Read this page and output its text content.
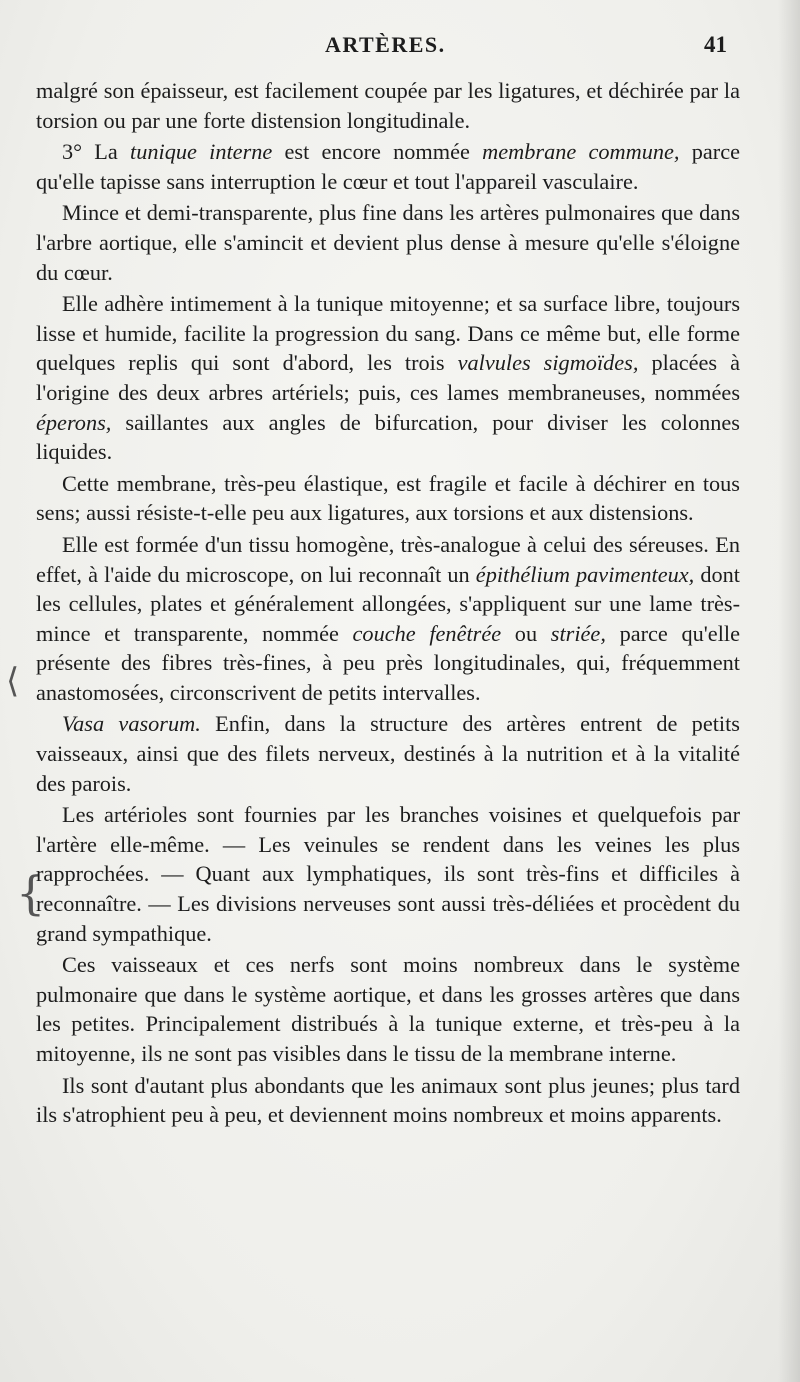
ARTÈRES.	41
⟨
{

malgré son épaisseur, est facilement coupée par les ligatures, et déchirée par la torsion ou par une forte distension longitudinale.

3° La tunique interne est encore nommée membrane commune, parce qu'elle tapisse sans interruption le cœur et tout l'appareil vasculaire.

Mince et demi-transparente, plus fine dans les artères pulmonaires que dans l'arbre aortique, elle s'amincit et devient plus dense à mesure qu'elle s'éloigne du cœur.

Elle adhère intimement à la tunique mitoyenne; et sa surface libre, toujours lisse et humide, facilite la progression du sang. Dans ce même but, elle forme quelques replis qui sont d'abord, les trois valvules sigmoïdes, placées à l'origine des deux arbres artériels; puis, ces lames membraneuses, nommées éperons, saillantes aux angles de bifurcation, pour diviser les colonnes liquides.

Cette membrane, très-peu élastique, est fragile et facile à déchirer en tous sens; aussi résiste-t-elle peu aux ligatures, aux torsions et aux distensions.

Elle est formée d'un tissu homogène, très-analogue à celui des séreuses. En effet, à l'aide du microscope, on lui reconnaît un épithélium pavimenteux, dont les cellules, plates et généralement allongées, s'appliquent sur une lame très-mince et transparente, nommée couche fenêtrée ou striée, parce qu'elle présente des fibres très-fines, à peu près longitudinales, qui, fréquemment anastomosées, circonscrivent de petits intervalles.

Vasa vasorum. Enfin, dans la structure des artères entrent de petits vaisseaux, ainsi que des filets nerveux, destinés à la nutrition et à la vitalité des parois.

Les artérioles sont fournies par les branches voisines et quelquefois par l'artère elle-même. — Les veinules se rendent dans les veines les plus rapprochées. — Quant aux lymphatiques, ils sont très-fins et difficiles à reconnaître. — Les divisions nerveuses sont aussi très-déliées et procèdent du grand sympathique.

Ces vaisseaux et ces nerfs sont moins nombreux dans le système pulmonaire que dans le système aortique, et dans les grosses artères que dans les petites. Principalement distribués à la tunique externe, et très-peu à la mitoyenne, ils ne sont pas visibles dans le tissu de la membrane interne.

Ils sont d'autant plus abondants que les animaux sont plus jeunes; plus tard ils s'atrophient peu à peu, et deviennent moins nombreux et moins apparents.
